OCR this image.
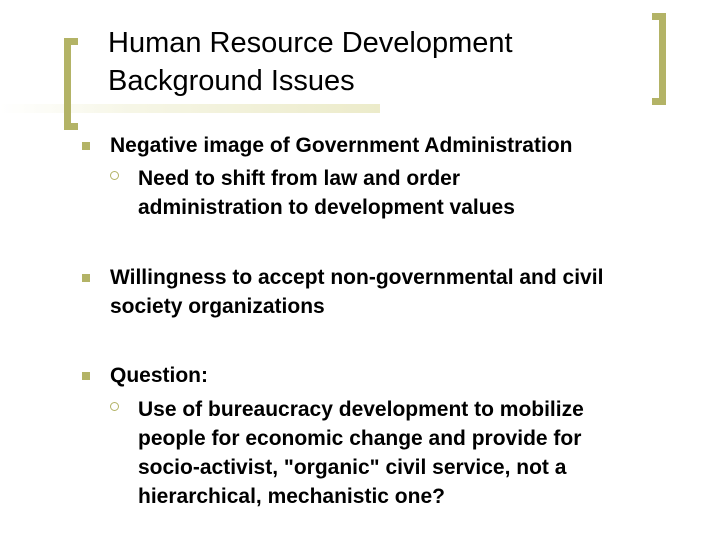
Human Resource Development
Background Issues
Negative image of Government Administration
Need to shift from law and order
administration to development values
Willingness to accept non-governmental and civil
society organizations
Question:
Use of bureaucracy development to mobilize
people for economic change and provide for
socio-activist, "organic" civil service, not a
hierarchical, mechanistic one?
